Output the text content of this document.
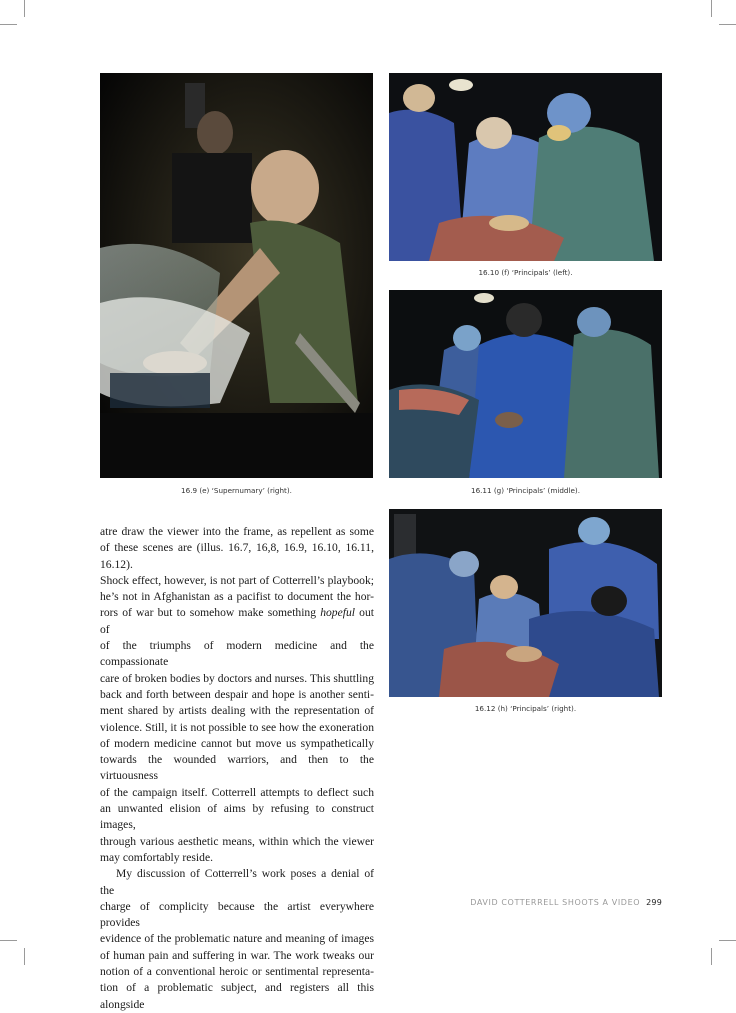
16.9 (e) ‘Supernumary’ (right).
16.10 (f) ‘Principals’ (left).
16.11 (g) ‘Principals’ (middle).
16.12 (h) ‘Principals’ (right).

atre draw the viewer into the frame, as repellent as some
of these scenes are (illus. 16.7, 16,8, 16.9, 16.10, 16.11, 16.12).
Shock effect, however, is not part of Cotterrell’s playbook;
he’s not in Afghanistan as a pacifist to document the hor-
rors of war but to somehow make something hopeful out of
of the triumphs of modern medicine and the compassionate
care of broken bodies by doctors and nurses. This shuttling
back and forth between despair and hope is another senti-
ment shared by artists dealing with the representation of
violence. Still, it is not possible to see how the exoneration
of modern medicine cannot but move us sympathetically
towards the wounded warriors, and then to the virtuousness
of the campaign itself. Cotterrell attempts to deflect such
an unwanted elision of aims by refusing to construct images,
through various aesthetic means, within which the viewer
may comfortably reside.

My discussion of Cotterrell’s work poses a denial of the
charge of complicity because the artist everywhere provides
evidence of the problematic nature and meaning of images
of human pain and suffering in war. The work tweaks our
notion of a conventional heroic or sentimental representa-
tion of a problematic subject, and registers all this alongside

DAVID COTTERRELL SHOOTS A VIDEO 299
